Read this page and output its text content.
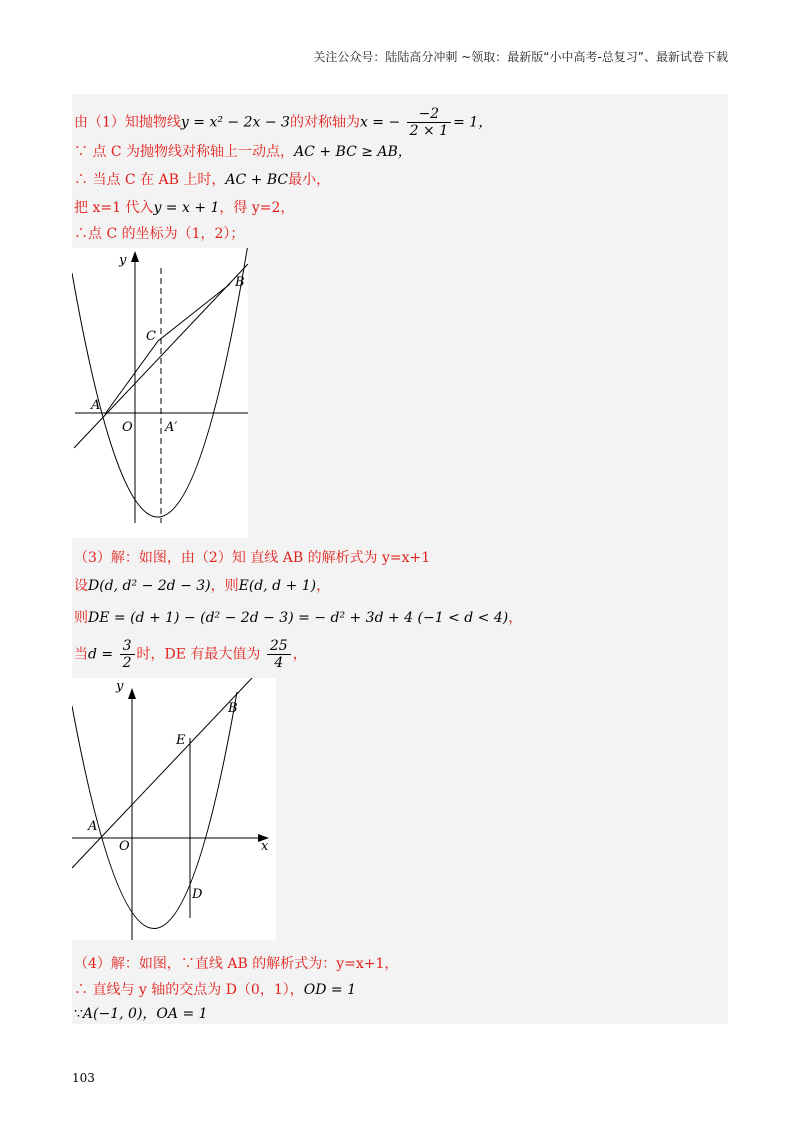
关注公众号：陆陆高分冲刺 ~领取：最新版“小中高考-总复习”、最新试卷下载
由（1）知抛物线y = x² − 2x − 3的对称轴为x = − $\frac{-2}{2 \times 1} = 1$，
∵ 点 C 为抛物线对称轴上一动点，AC + BC ≥ AB，
∴ 当点 C 在 AB 上时，AC + BC最小，
把 x=1 代入y = x + 1，得 y=2，
∴点 C 的坐标为（1，2）；
y
B
C
A
O A′
（3）解：如图，由（2）知 直线 AB 的解析式为 y=x+1
设D(d, d² − 2d − 3)，则E(d, d + 1)，
则DE = (d + 1) − (d² − 2d − 3) = − d² + 3d + 4 (−1 < d < 4)，
当$d = \frac{3}{2}$ 时，DE 有最大值为 $\frac{25}{4}$ ，
y
x
B
E
A
O
D
（4）解：如图，∵直线 AB 的解析式为：y=x+1，
∴ 直线与 y 轴的交点为 D（0，1），OD = 1
∵A(−1, 0)，OA = 1
103
